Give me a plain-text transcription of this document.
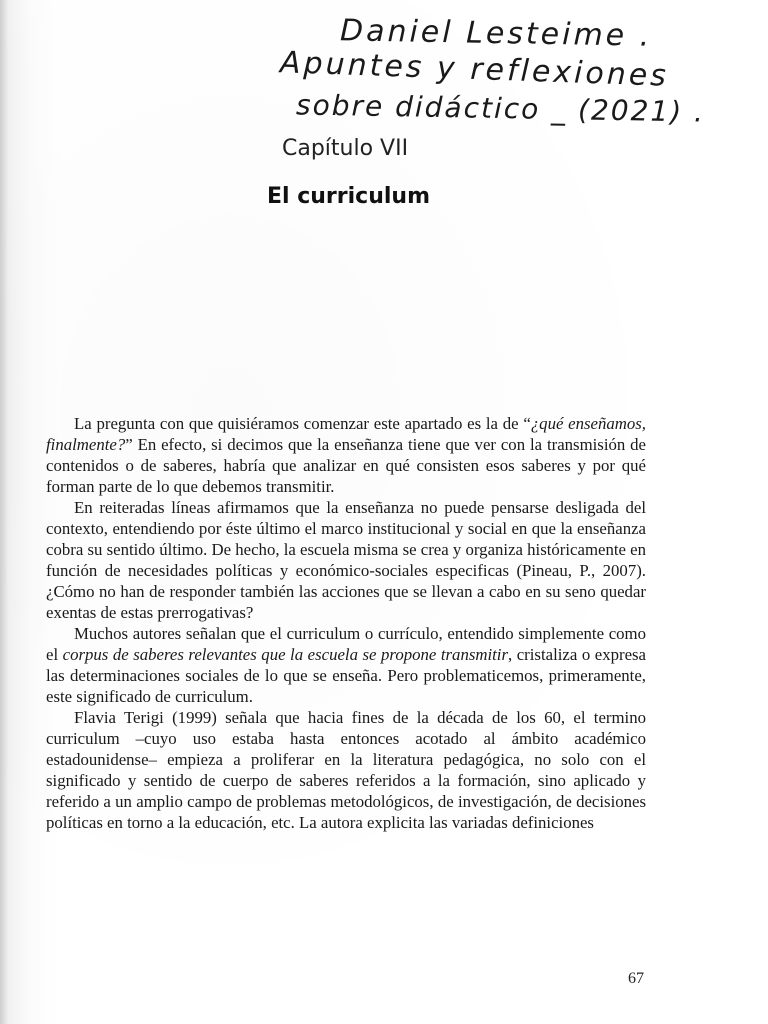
Daniel Lesteime .
Apuntes y reflexiones
sobre didáctico _ (2021) .
Capítulo VII
El curriculum

La pregunta con que quisiéramos comenzar este apartado es la de “¿qué enseñamos, finalmente?” En efecto, si decimos que la enseñanza tiene que ver con la transmisión de contenidos o de saberes, habría que analizar en qué consisten esos saberes y por qué forman parte de lo que debemos transmitir.

En reiteradas líneas afirmamos que la enseñanza no puede pensarse desligada del contexto, entendiendo por éste último el marco institucional y social en que la enseñanza cobra su sentido último. De hecho, la escuela misma se crea y organiza históricamente en función de necesidades políticas y económico-sociales especificas (Pineau, P., 2007). ¿Cómo no han de responder también las acciones que se llevan a cabo en su seno quedar exentas de estas prerrogativas?

Muchos autores señalan que el curriculum o currículo, entendido simplemente como el corpus de saberes relevantes que la escuela se propone transmitir, cristaliza o expresa las determinaciones sociales de lo que se enseña. Pero problematicemos, primeramente, este significado de curriculum.

Flavia Terigi (1999) señala que hacia fines de la década de los 60, el termino curriculum –cuyo uso estaba hasta entonces acotado al ámbito académico estadounidense– empieza a proliferar en la literatura pedagógica, no solo con el significado y sentido de cuerpo de saberes referidos a la formación, sino aplicado y referido a un amplio campo de problemas metodológicos, de investigación, de decisiones políticas en torno a la educación, etc. La autora explicita las variadas definiciones

67
